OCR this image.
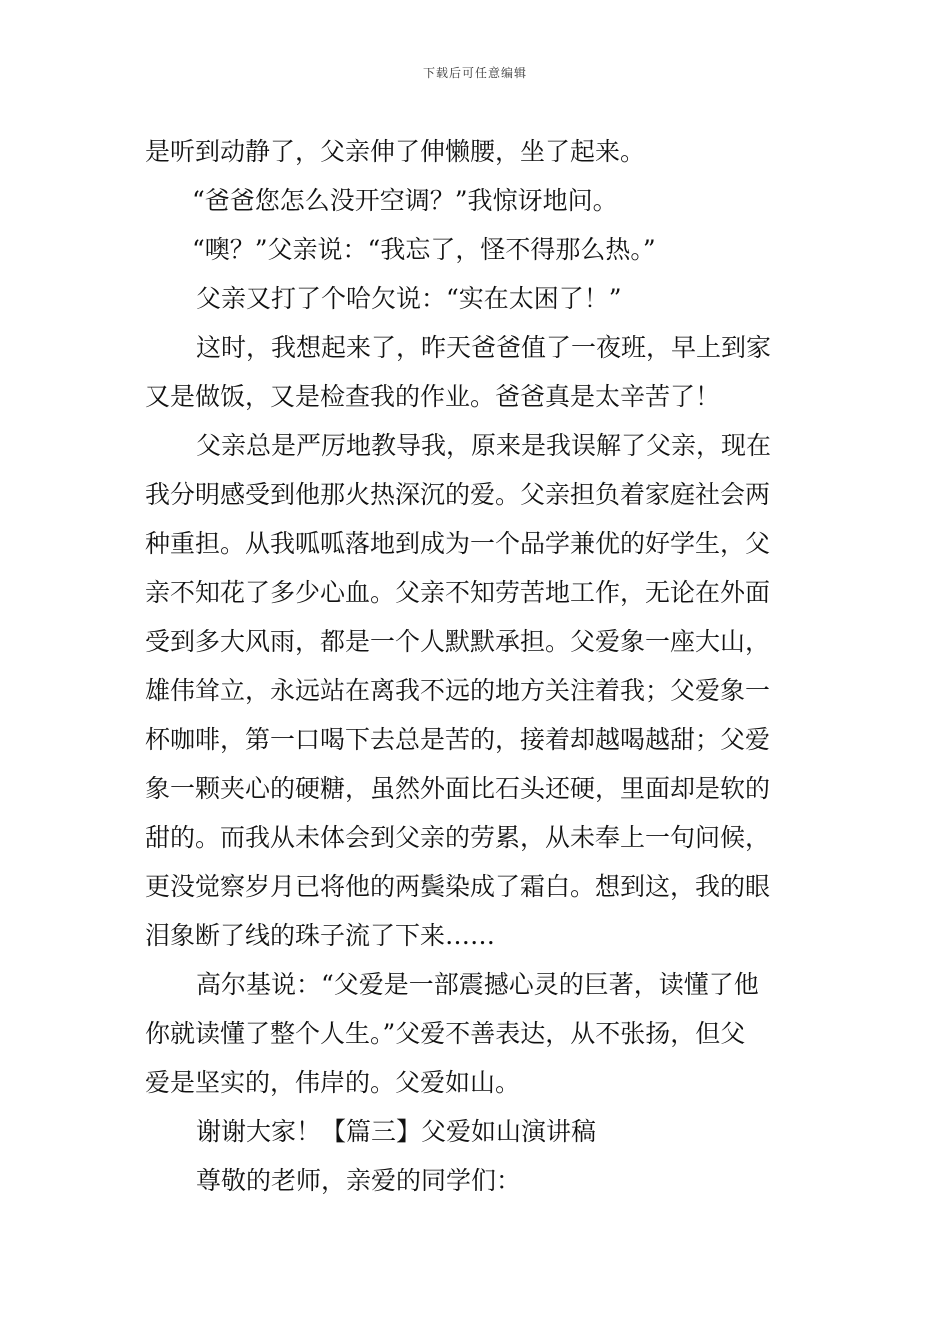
下载后可任意编辑
是听到动静了，父亲伸了伸懒腰，坐了起来。
“爸爸您怎么没开空调？”我惊讶地问。
“噢？”父亲说：“我忘了，怪不得那么热。”
父亲又打了个哈欠说：“实在太困了！”
这时，我想起来了，昨天爸爸值了一夜班，早上到家
又是做饭，又是检查我的作业。爸爸真是太辛苦了！
父亲总是严厉地教导我，原来是我误解了父亲，现在
我分明感受到他那火热深沉的爱。父亲担负着家庭社会两
种重担。从我呱呱落地到成为一个品学兼优的好学生，父
亲不知花了多少心血。父亲不知劳苦地工作，无论在外面
受到多大风雨，都是一个人默默承担。父爱象一座大山，
雄伟耸立，永远站在离我不远的地方关注着我；父爱象一
杯咖啡，第一口喝下去总是苦的，接着却越喝越甜；父爱
象一颗夹心的硬糖，虽然外面比石头还硬，里面却是软的
甜的。而我从未体会到父亲的劳累，从未奉上一句问候，
更没觉察岁月已将他的两鬓染成了霜白。想到这，我的眼
泪象断了线的珠子流了下来……
高尔基说：“父爱是一部震撼心灵的巨著，读懂了他
你就读懂了整个人生。”父爱不善表达，从不张扬，但父
爱是坚实的，伟岸的。父爱如山。
谢谢大家！【篇三】父爱如山演讲稿
尊敬的老师，亲爱的同学们：
